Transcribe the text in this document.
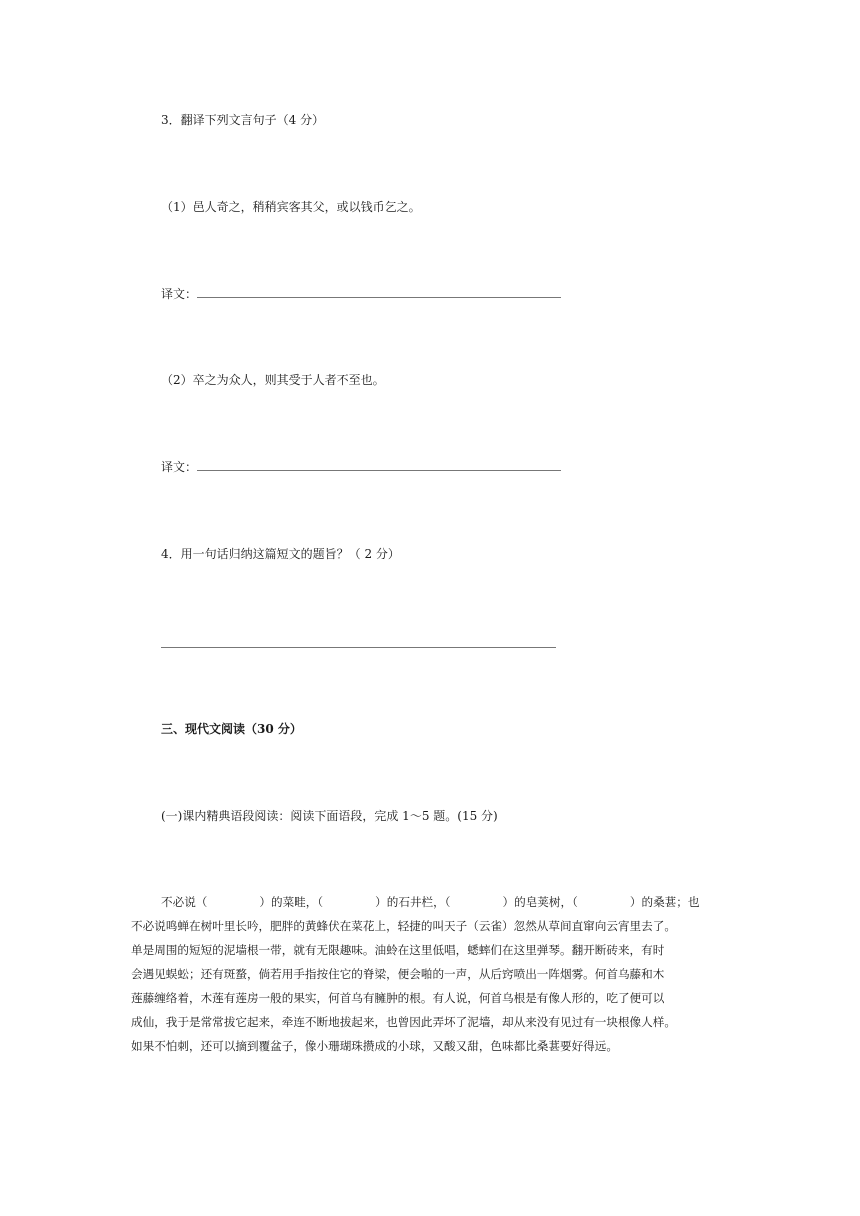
3．翻译下列文言句子（4 分）
（1）邑人奇之，稍稍宾客其父，或以钱币乞之。
译文：
（2）卒之为众人，则其受于人者不至也。
译文：
4．用一句话归纳这篇短文的题旨？（ 2 分）
三、现代文阅读（30 分）
(一)课内精典语段阅读：阅读下面语段，完成 1～5 题。(15 分)
不必说（	）的菜畦，（	）的石井栏，（	）的皂荚树，（	）的桑葚；也
不必说鸣蝉在树叶里长吟，肥胖的黄蜂伏在菜花上，轻捷的叫天子（云雀）忽然从草间直窜向云宵里去了。
单是周围的短短的泥墙根一带，就有无限趣味。油蛉在这里低唱，蟋蟀们在这里弹琴。翻开断砖来，有时
会遇见蜈蚣；还有斑蝥，倘若用手指按住它的脊梁，便会啪的一声，从后窍喷出一阵烟雾。何首乌藤和木
莲藤缠络着，木莲有莲房一般的果实，何首乌有臃肿的根。有人说，何首乌根是有像人形的，吃了便可以
成仙，我于是常常拔它起来，牵连不断地拔起来，也曾因此弄坏了泥墙，却从来没有见过有一块根像人样。
如果不怕刺，还可以摘到覆盆子，像小珊瑚珠攒成的小球，又酸又甜，色味都比桑葚要好得远。
